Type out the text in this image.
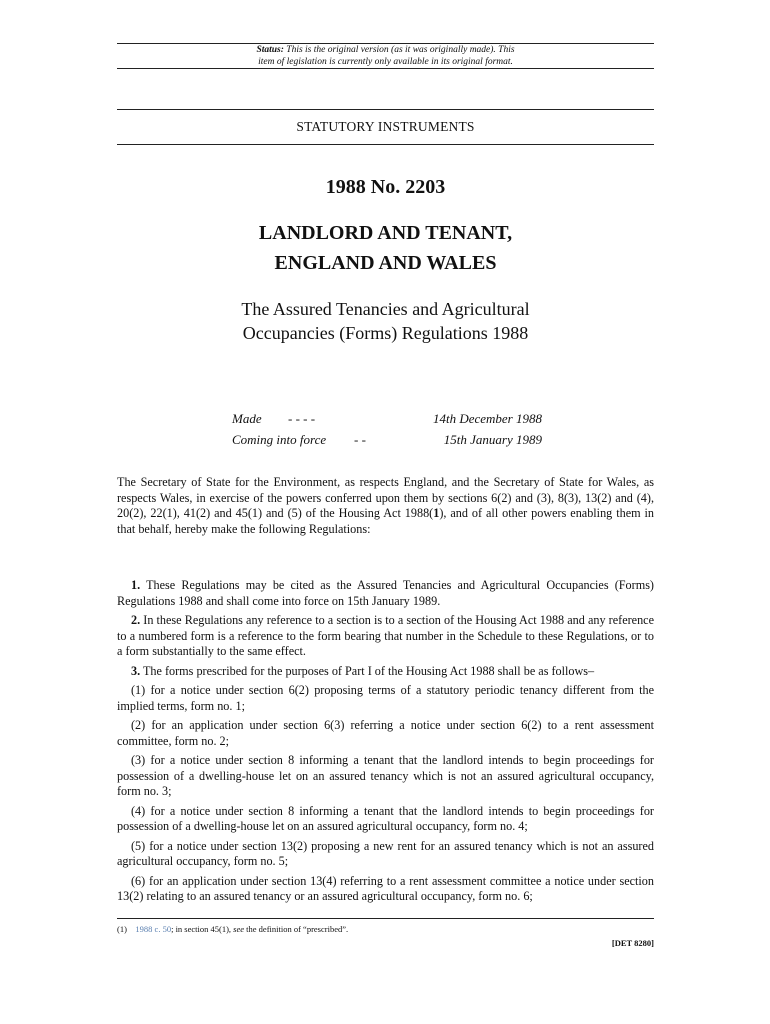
Status: This is the original version (as it was originally made). This
item of legislation is currently only available in its original format.
STATUTORY INSTRUMENTS
1988 No. 2203
LANDLORD AND TENANT,
ENGLAND AND WALES
The Assured Tenancies and Agricultural
Occupancies (Forms) Regulations 1988
Made - - - -	14th December 1988
Coming into force - -	15th January 1989

The Secretary of State for the Environment, as respects England, and the Secretary of State for Wales, as respects Wales, in exercise of the powers conferred upon them by sections 6(2) and (3), 8(3), 13(2) and (4), 20(2), 22(1), 41(2) and 45(1) and (5) of the Housing Act 1988(1), and of all other powers enabling them in that behalf, hereby make the following Regulations:

1. These Regulations may be cited as the Assured Tenancies and Agricultural Occupancies (Forms) Regulations 1988 and shall come into force on 15th January 1989.

2. In these Regulations any reference to a section is to a section of the Housing Act 1988 and any reference to a numbered form is a reference to the form bearing that number in the Schedule to these Regulations, or to a form substantially to the same effect.

3. The forms prescribed for the purposes of Part I of the Housing Act 1988 shall be as follows–

(1) for a notice under section 6(2) proposing terms of a statutory periodic tenancy different from the implied terms, form no. 1;

(2) for an application under section 6(3) referring a notice under section 6(2) to a rent assessment committee, form no. 2;

(3) for a notice under section 8 informing a tenant that the landlord intends to begin proceedings for possession of a dwelling-house let on an assured tenancy which is not an assured agricultural occupancy, form no. 3;

(4) for a notice under section 8 informing a tenant that the landlord intends to begin proceedings for possession of a dwelling-house let on an assured agricultural occupancy, form no. 4;

(5) for a notice under section 13(2) proposing a new rent for an assured tenancy which is not an assured agricultural occupancy, form no. 5;

(6) for an application under section 13(4) referring to a rent assessment committee a notice under section 13(2) relating to an assured tenancy or an assured agricultural occupancy, form no. 6;

(1) 1988 c. 50; in section 45(1), see the definition of “prescribed”.
[DET 8280]
